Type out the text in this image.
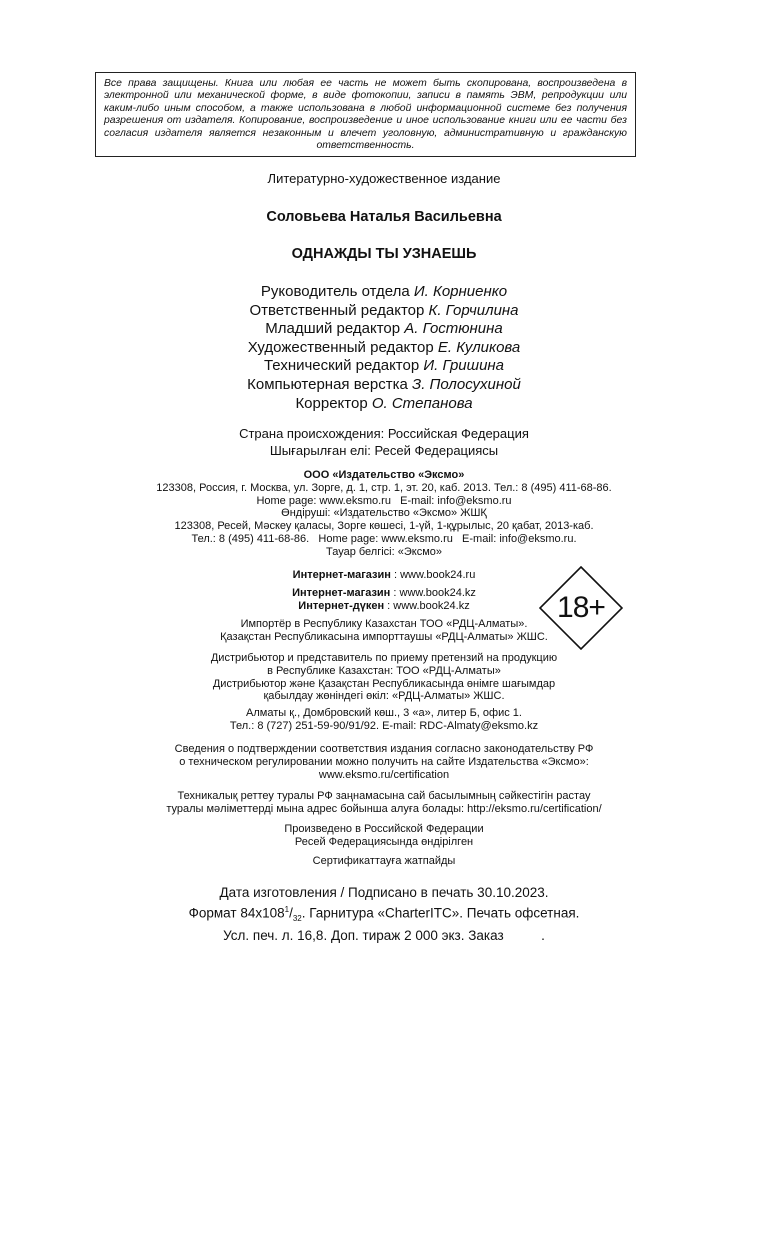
Все права защищены. Книга или любая ее часть не может быть скопирована, воспроизведена в электронной или механической форме, в виде фотокопии, записи в память ЭВМ, репродукции или каким-либо иным способом, а также использована в любой информационной системе без получения разрешения от издателя. Копирование, воспроизведение и иное использование книги или ее части без согласия издателя является незаконным и влечет уголовную, административную и гражданскую ответственность.
Литературно-художественное издание
Соловьева Наталья Васильевна
ОДНАЖДЫ ТЫ УЗНАЕШЬ
Руководитель отдела И. Корниенко
Ответственный редактор К. Горчилина
Младший редактор А. Гостюнина
Художественный редактор Е. Куликова
Технический редактор И. Гришина
Компьютерная верстка З. Полосухиной
Корректор О. Степанова
Страна происхождения: Российская Федерация
Шығарылған елі: Ресей Федерациясы
ООО «Издательство «Эксмо»
123308, Россия, г. Москва, ул. Зорге, д. 1, стр. 1, эт. 20, каб. 2013. Тел.: 8 (495) 411-68-86.
Home page: www.eksmo.ru   E-mail: info@eksmo.ru
Өндіруші: «Издательство «Эксмо» ЖШҚ
123308, Ресей, Мәскеу қаласы, Зорге көшесі, 1-үй, 1-құрылыс, 20 қабат, 2013-каб.
Тел.: 8 (495) 411-68-86.   Home page: www.eksmo.ru   E-mail: info@eksmo.ru.
Тауар белгісі: «Эксмо»
Интернет-магазин : www.book24.ru
Интернет-магазин : www.book24.kz
Интернет-дүкен : www.book24.kz	18+
Импортёр в Республику Казахстан ТОО «РДЦ-Алматы».
Қазақстан Республикасына импорттаушы «РДЦ-Алматы» ЖШС.
Дистрибьютор и представитель по приему претензий на продукцию
в Республике Казахстан: ТОО «РДЦ-Алматы»
Дистрибьютор және Қазақстан Республикасында өнімге шағымдар
қабылдау жөніндегі өкіл: «РДЦ-Алматы» ЖШС.
Алматы қ., Домбровский көш., 3 «а», литер Б, офис 1.
Тел.: 8 (727) 251-59-90/91/92. E-mail: RDC-Almaty@eksmo.kz
Сведения о подтверждении соответствия издания согласно законодательству РФ
о техническом регулировании можно получить на сайте Издательства «Эксмо»:
www.eksmo.ru/certification
Техникалық реттеу туралы РФ заңнамасына сай басылымның сәйкестігін растау
туралы мәліметтерді мына адрес бойынша алуға болады: http://eksmo.ru/certification/
Произведено в Российской Федерации
Ресей Федерациясында өндірілген
Сертификаттауға жатпайды
Дата изготовления / Подписано в печать 30.10.2023.
Формат $84х108^1/_{32}$. Гарнитура «CharterITC». Печать офсетная.
Усл. печ. л. 16,8. Доп. тираж 2 000 экз. Заказ          .
